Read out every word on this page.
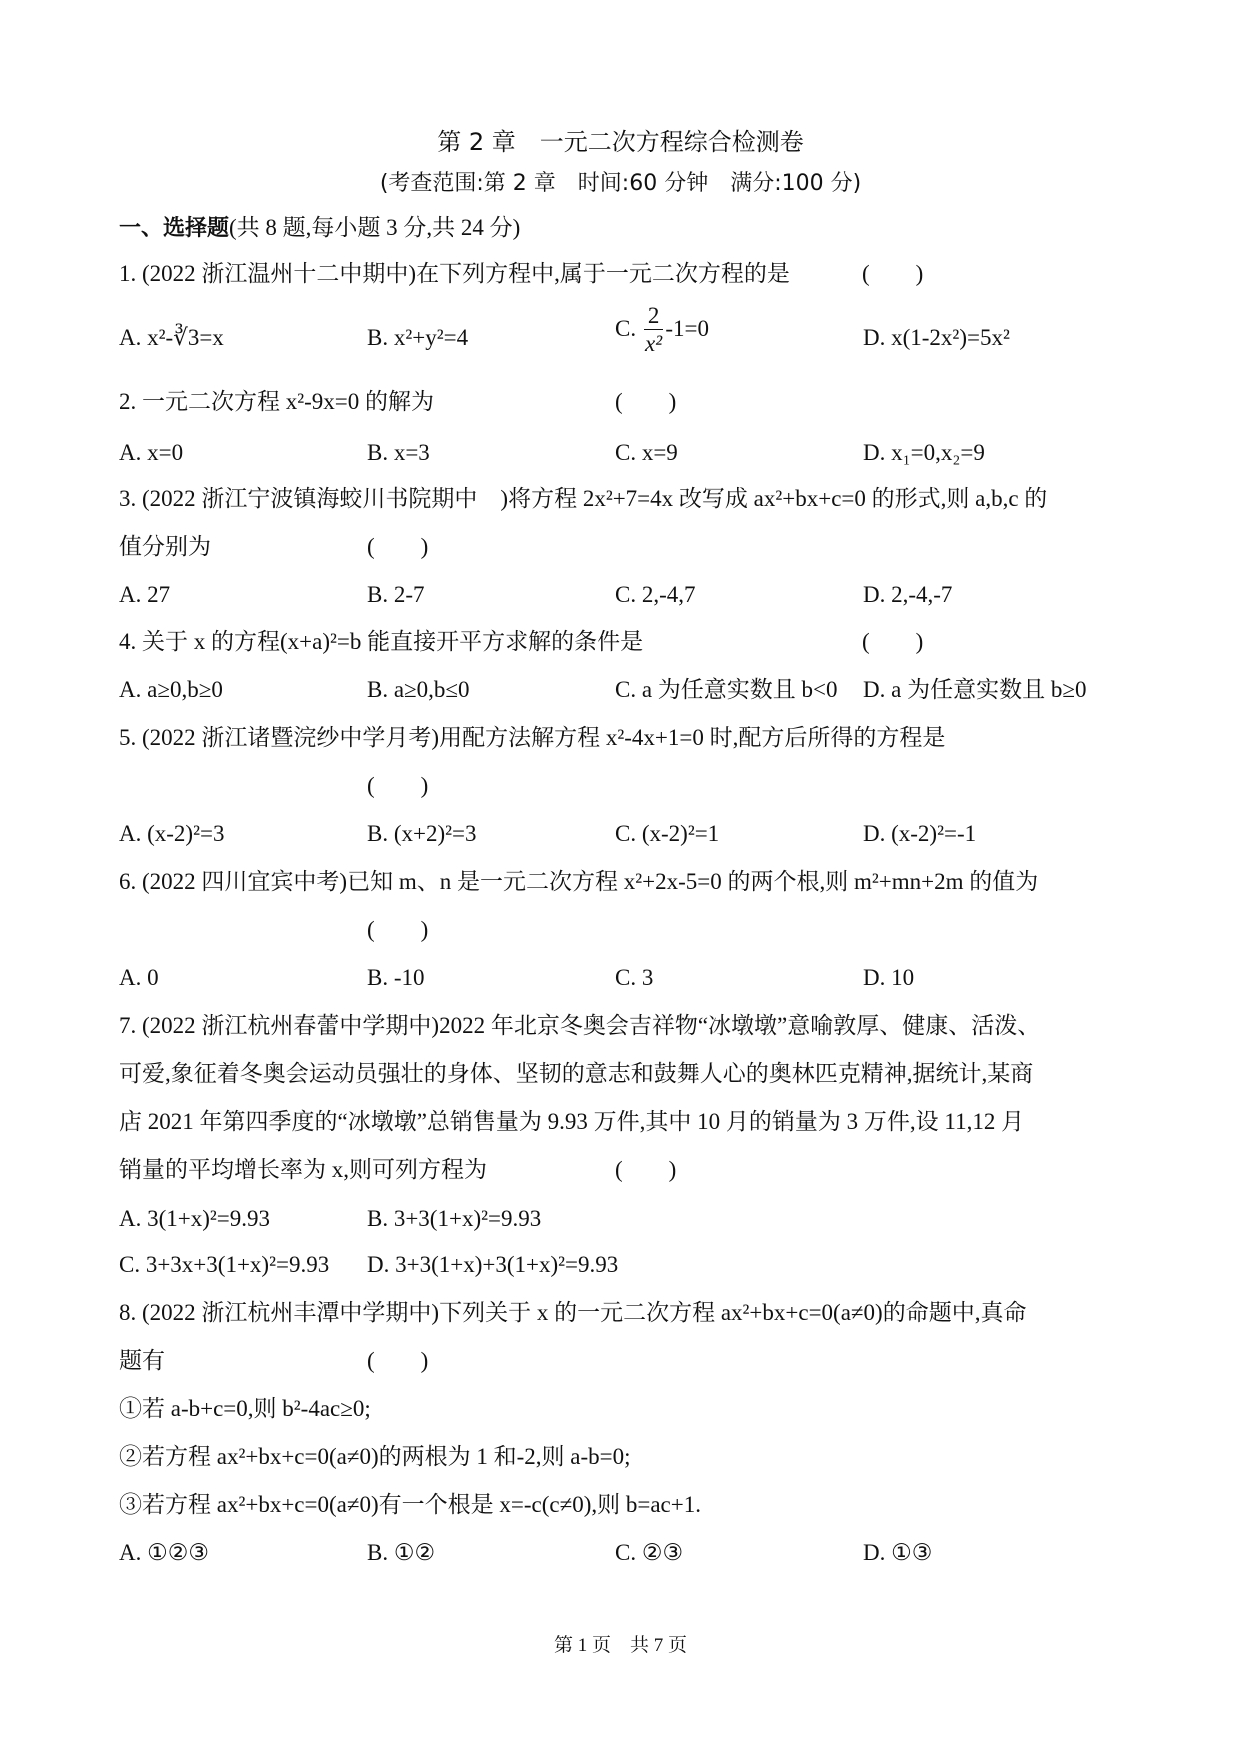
第 2 章　一元二次方程综合检测卷
(考查范围:第 2 章　时间:60 分钟　满分:100 分)
一、选择题(共 8 题,每小题 3 分,共 24 分)
1. (2022 浙江温州十二中期中)在下列方程中,属于一元二次方程的是	(　　)
A. x²-∛3=x	B. x²+y²=4	C. $\frac{2}{\text{x²}} -1=0$	D. x(1-2x²)=5x²
2. 一元二次方程 x²-9x=0 的解为	(　　)
A. x=0	B. x=3	C. x=9	D. x₁=0,x₂=9
3. (2022 浙江宁波镇海蛟川书院期中　)将方程 2x²+7=4x 改写成 ax²+bx+c=0 的形式,则 a,b,c 的
值分别为	(　　)
A. 27	B. 2-7	C. 2,-4,7	D. 2,-4,-7
4. 关于 x 的方程(x+a)²=b 能直接开平方求解的条件是	(　　)
A. a≥0,b≥0	B. a≥0,b≤0	C. a 为任意实数且 b<0 D. a 为任意实数且 b≥0
5. (2022 浙江诸暨浣纱中学月考)用配方法解方程 x²-4x+1=0 时,配方后所得的方程是
(　　)
A. (x-2)²=3	B. (x+2)²=3	C. (x-2)²=1	D. (x-2)²=-1
6. (2022 四川宜宾中考)已知 m、n 是一元二次方程 x²+2x-5=0 的两个根,则 m²+mn+2m 的值为
(　　)
A. 0	B. -10	C. 3	D. 10
7. (2022 浙江杭州春蕾中学期中)2022 年北京冬奥会吉祥物“冰墩墩”意喻敦厚、健康、活泼、
可爱,象征着冬奥会运动员强壮的身体、坚韧的意志和鼓舞人心的奥林匹克精神,据统计,某商
店 2021 年第四季度的“冰墩墩”总销售量为 9.93 万件,其中 10 月的销量为 3 万件,设 11,12 月
销量的平均增长率为 x,则可列方程为	(　　)
A. 3(1+x)²=9.93	B. 3+3(1+x)²=9.93
C. 3+3x+3(1+x)²=9.93 D. 3+3(1+x)+3(1+x)²=9.93
8. (2022 浙江杭州丰潭中学期中)下列关于 x 的一元二次方程 ax²+bx+c=0(a≠0)的命题中,真命
题有	(　　)
①若 a-b+c=0,则 b²-4ac≥0;
②若方程 ax²+bx+c=0(a≠0)的两根为 1 和-2,则 a-b=0;
③若方程 ax²+bx+c=0(a≠0)有一个根是 x=-c(c≠0),则 b=ac+1.
A. ①②③	B. ①②	C. ②③	D. ①③
第 1 页　共 7 页
